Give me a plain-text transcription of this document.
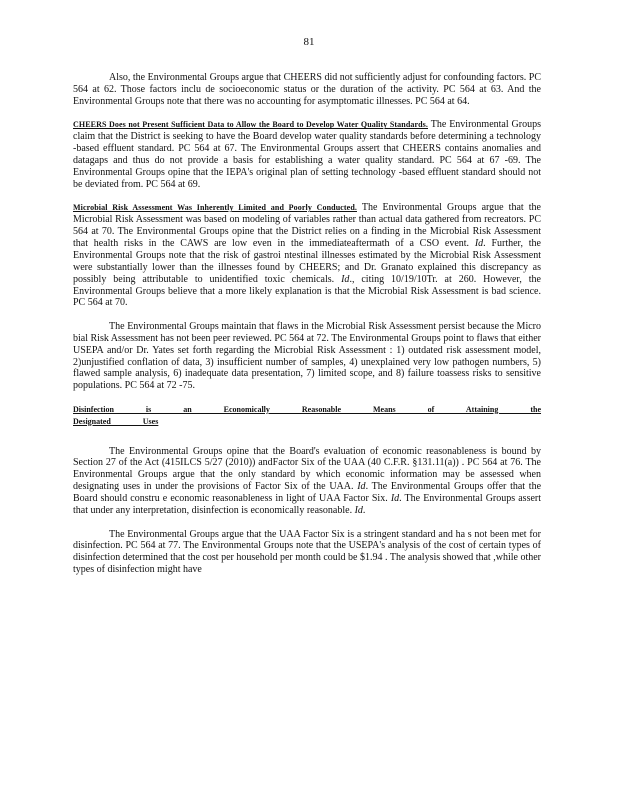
81

Also, the Environmental Groups argue that CHEERS did not sufficiently adjust for confounding factors. PC 564 at 62. Those factors inclu de socioeconomic status or the duration of the activity. PC 564 at 63. And the Environmental Groups note that there was no accounting for asymptomatic illnesses. PC 564 at 64.

CHEERS Does not Present Sufficient Data to Allow the Board to Develop Water Quality Standards. The Environmental Groups claim that the District is seeking to have the Board develop water quality standards before determining a technology -based effluent standard. PC 564 at 67. The Environmental Groups assert that CHEERS contains anomalies and datagaps and thus do not provide a basis for establishing a water quality standard. PC 564 at 67 -69. The Environmental Groups opine that the IEPA's original plan of setting technology -based effluent standard should not be deviated from. PC 564 at 69.

Microbial Risk Assessment Was Inherently Limited and Poorly Conducted. The Environmental Groups argue that the Microbial Risk Assessment was based on modeling of variables rather than actual data gathered from recreators. PC 564 at 70. The Environmental Groups opine that the District relies on a finding in the Microbial Risk Assessment that health risks in the CAWS are low even in the immediateaftermath of a CSO event. Id. Further, the Environmental Groups note that the risk of gastroi ntestinal illnesses estimated by the Microbial Risk Assessment were substantially lower than the illnesses found by CHEERS; and Dr. Granato explained this discrepancy as possibly being attributable to unidentified toxic chemicals. Id., citing 10/19/10Tr. at 260. However, the Environmental Groups believe that a more likely explanation is that the Microbial Risk Assessment is bad science. PC 564 at 70.

The Environmental Groups maintain that flaws in the Microbial Risk Assessment persist because the Micro bial Risk Assessment has not been peer reviewed. PC 564 at 72. The Environmental Groups point to flaws that either USEPA and/or Dr. Yates set forth regarding the Microbial Risk Assessment : 1) outdated risk assessment model, 2)unjustified conflation of data, 3) insufficient number of samples, 4) unexplained very low pathogen numbers, 5) flawed sample analysis, 6) inadequate data presentation, 7) limited scope, and 8) failure toassess risks to sensitive populations. PC 564 at 72 -75.

Disinfection is an Economically Reasonable Means of Attaining the Designated Uses

The Environmental Groups opine that the Board's evaluation of economic reasonableness is bound by Section 27 of the Act (415ILCS 5/27 (2010)) andFactor Six of the UAA (40 C.F.R. §131.11(a)) . PC 564 at 76. The Environmental Groups argue that the only standard by which economic information may be assessed when designating uses in under the provisions of Factor Six of the UAA. Id. The Environmental Groups offer that the Board should constru e economic reasonableness in light of UAA Factor Six. Id. The Environmental Groups assert that under any interpretation, disinfection is economically reasonable. Id.

The Environmental Groups argue that the UAA Factor Six is a stringent standard and ha s not been met for disinfection. PC 564 at 77. The Environmental Groups note that the USEPA's analysis of the cost of certain types of disinfection determined that the cost per household per month could be $1.94 . The analysis showed that ,while other types of disinfection might have
